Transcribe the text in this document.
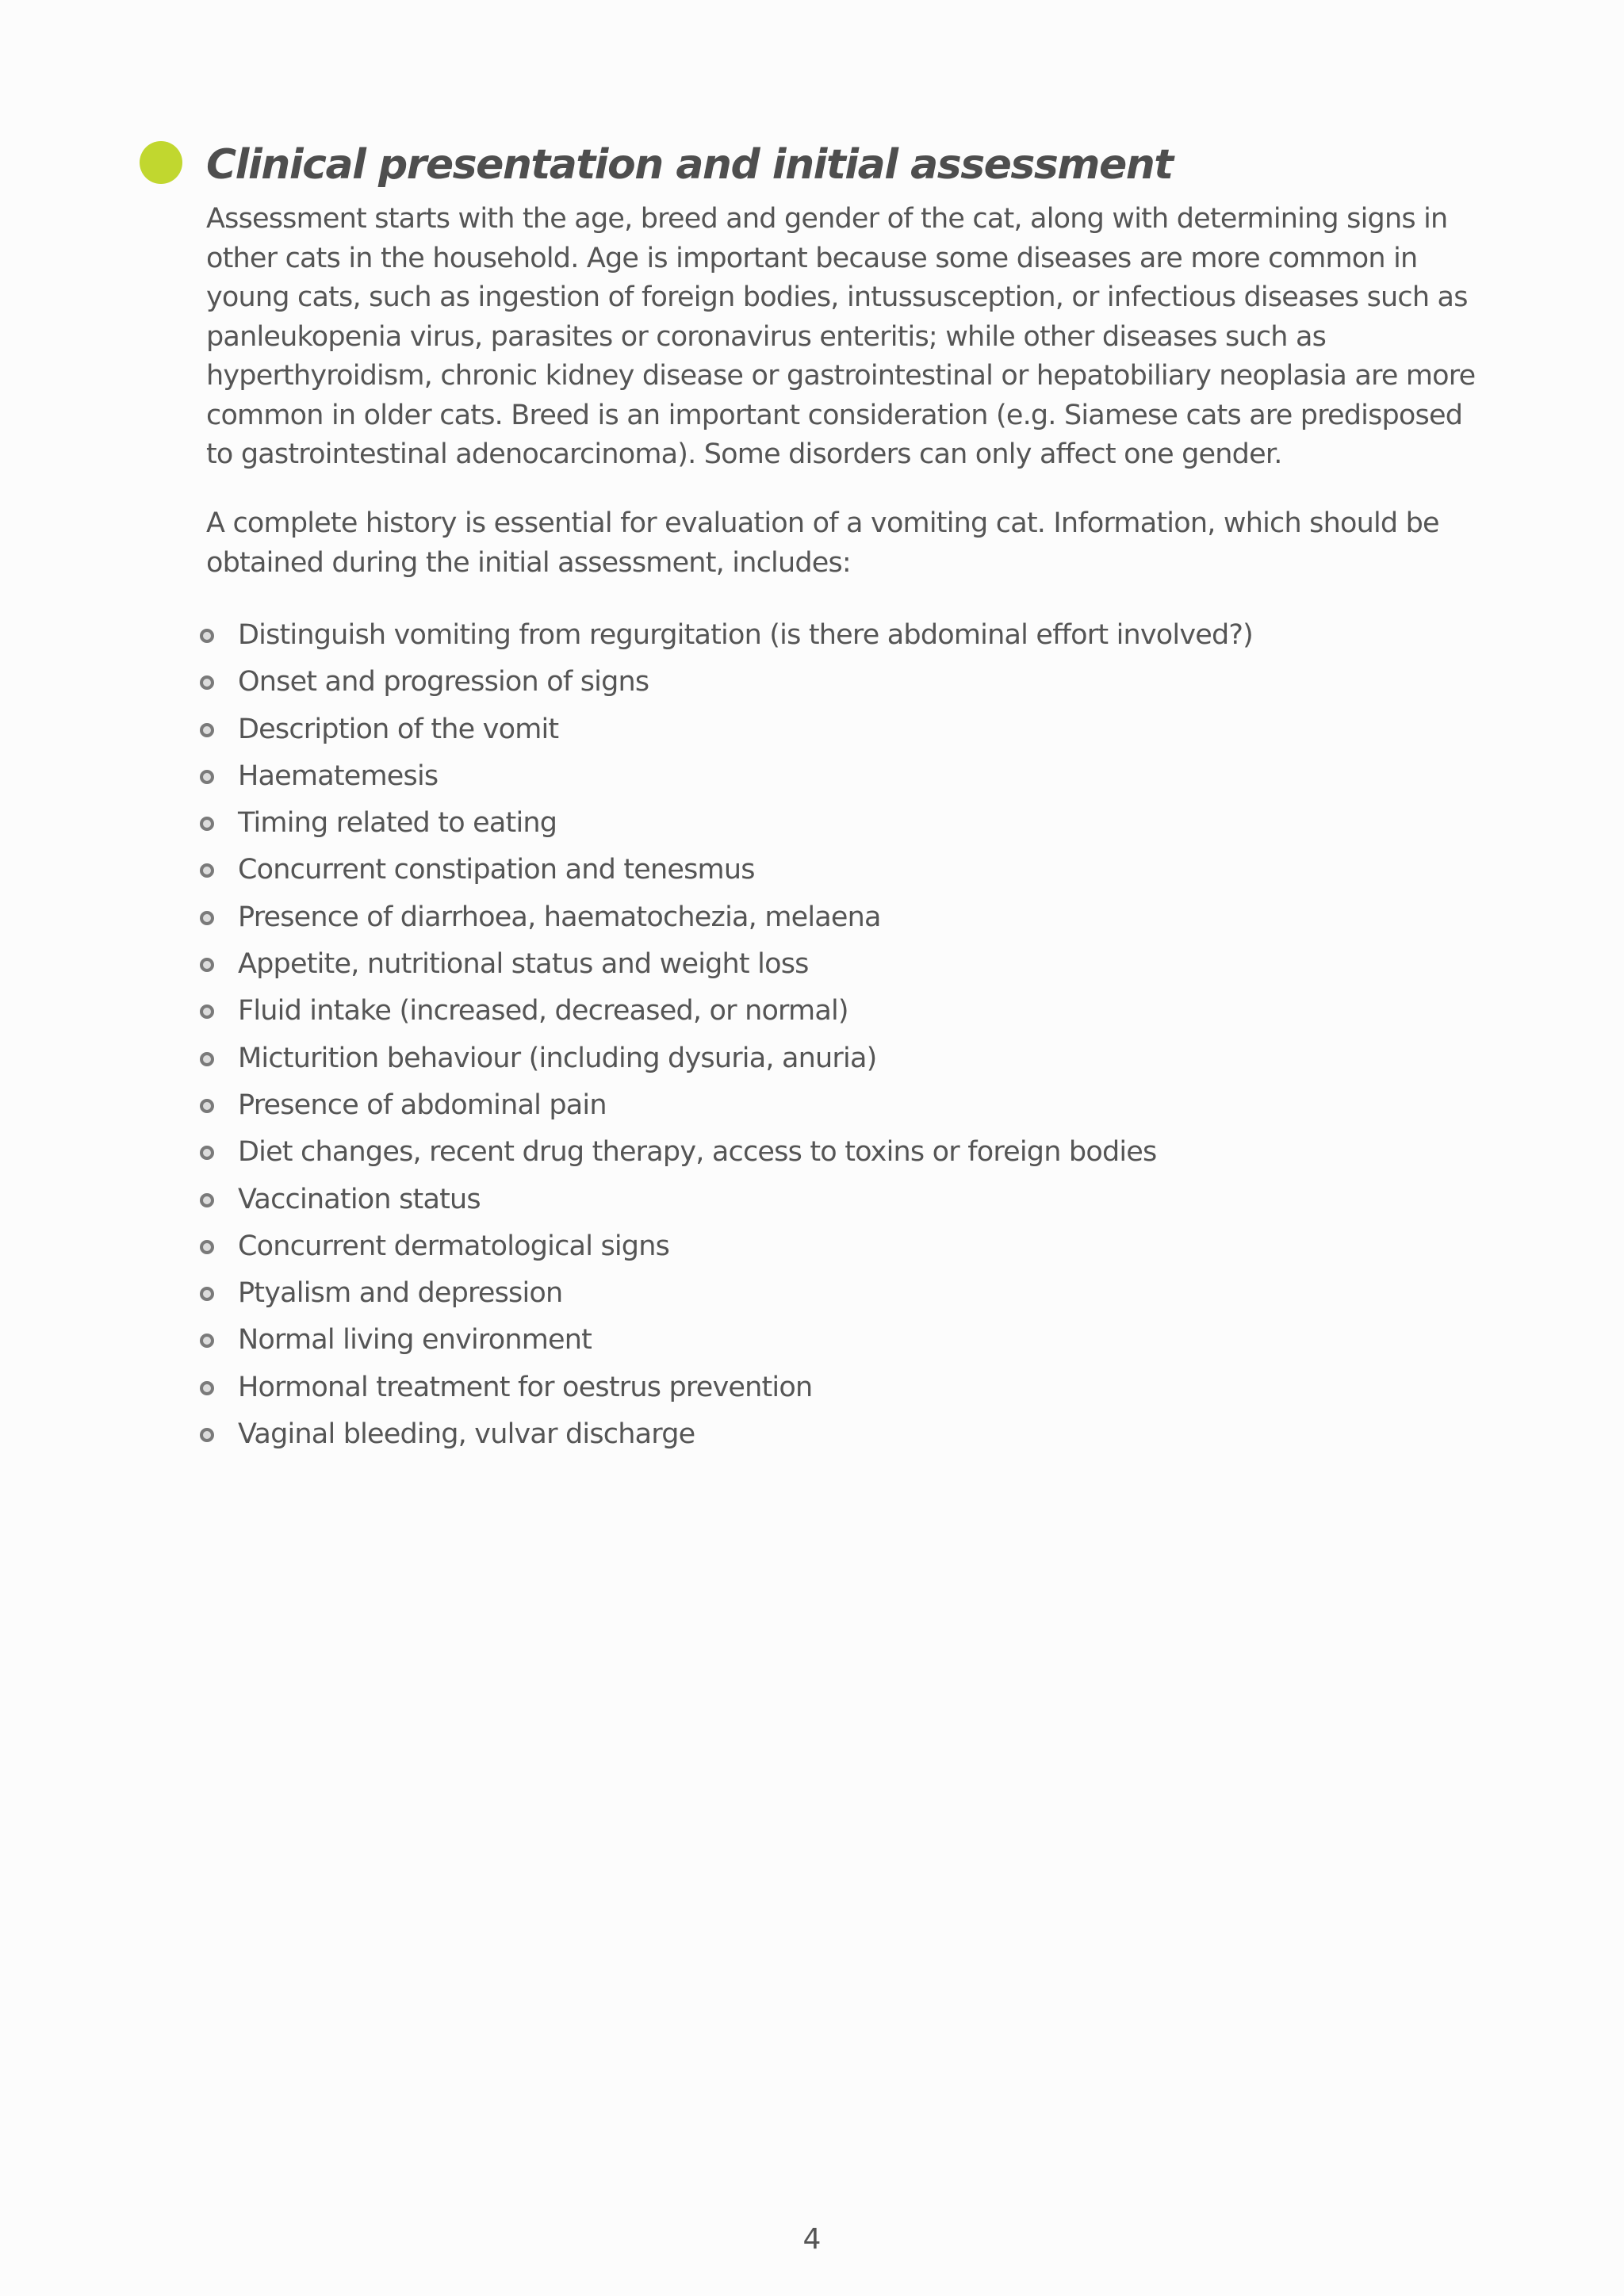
Clinical presentation and initial assessment

Assessment starts with the age, breed and gender of the cat, along with determining signs in other cats in the household. Age is important because some diseases are more common in young cats, such as ingestion of foreign bodies, intussusception, or infectious diseases such as panleukopenia virus, parasites or coronavirus enteritis; while other diseases such as hyperthyroidism, chronic kidney disease or gastrointestinal or hepatobiliary neoplasia are more common in older cats. Breed is an important consideration (e.g. Siamese cats are predisposed to gastrointestinal adenocarcinoma). Some disorders can only affect one gender.

A complete history is essential for evaluation of a vomiting cat. Information, which should be obtained during the initial assessment, includes:

Distinguish vomiting from regurgitation (is there abdominal effort involved?)
Onset and progression of signs
Description of the vomit
Haematemesis
Timing related to eating
Concurrent constipation and tenesmus
Presence of diarrhoea, haematochezia, melaena
Appetite, nutritional status and weight loss
Fluid intake (increased, decreased, or normal)
Micturition behaviour (including dysuria, anuria)
Presence of abdominal pain
Diet changes, recent drug therapy, access to toxins or foreign bodies
Vaccination status
Concurrent dermatological signs
Ptyalism and depression
Normal living environment
Hormonal treatment for oestrus prevention
Vaginal bleeding, vulvar discharge
4
